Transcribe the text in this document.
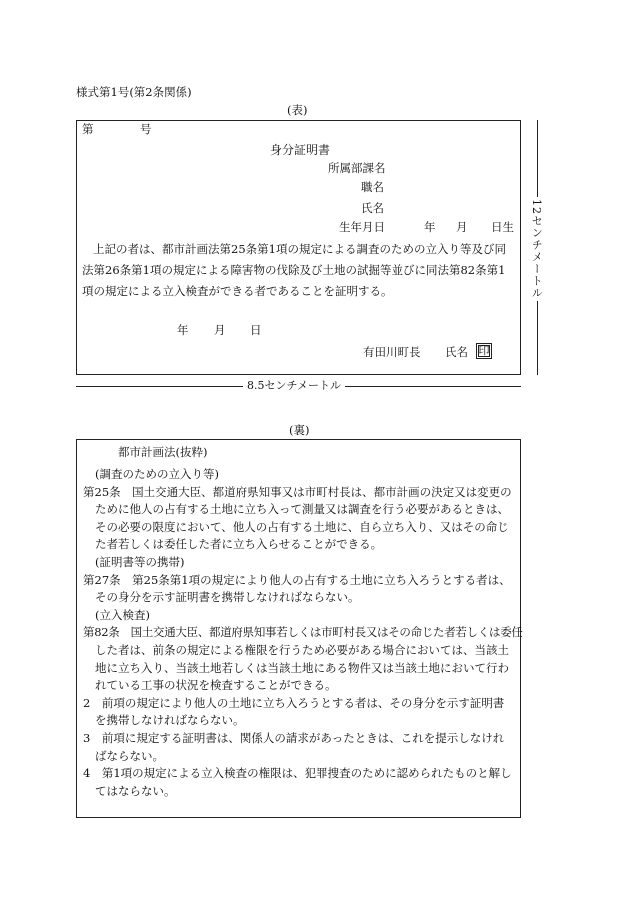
様式第1号(第2条関係)
(表)
第	号
身分証明書
所属部課名
職名
氏名
生年月日	年 月 日生
上記の者は、都市計画法第25条第1項の規定による調査のための立入り等及び同
法第26条第1項の規定による障害物の伐除及び土地の試掘等並びに同法第82条第1
項の規定による立入検査ができる者であることを証明する。
年 月 日
有田川町長 氏名 印
12センチメートル
8.5センチメートル
(裏)
都市計画法(抜粋)
(調査のための立入り等)
第25条　国土交通大臣、都道府県知事又は市町村長は、都市計画の決定又は変更の
ために他人の占有する土地に立ち入って測量又は調査を行う必要があるときは、
その必要の限度において、他人の占有する土地に、自ら立ち入り、又はその命じ
た者若しくは委任した者に立ち入らせることができる。
(証明書等の携帯)
第27条　第25条第1項の規定により他人の占有する土地に立ち入ろうとする者は、
その身分を示す証明書を携帯しなければならない。
(立入検査)
第82条　国土交通大臣、都道府県知事若しくは市町村長又はその命じた者若しくは委任
した者は、前条の規定による権限を行うため必要がある場合においては、当該土
地に立ち入り、当該土地若しくは当該土地にある物件又は当該土地において行わ
れている工事の状況を検査することができる。
2　前項の規定により他人の土地に立ち入ろうとする者は、その身分を示す証明書
を携帯しなければならない。
3　前項に規定する証明書は、関係人の請求があったときは、これを提示しなけれ
ばならない。
4　第1項の規定による立入検査の権限は、犯罪捜査のために認められたものと解し
てはならない。
